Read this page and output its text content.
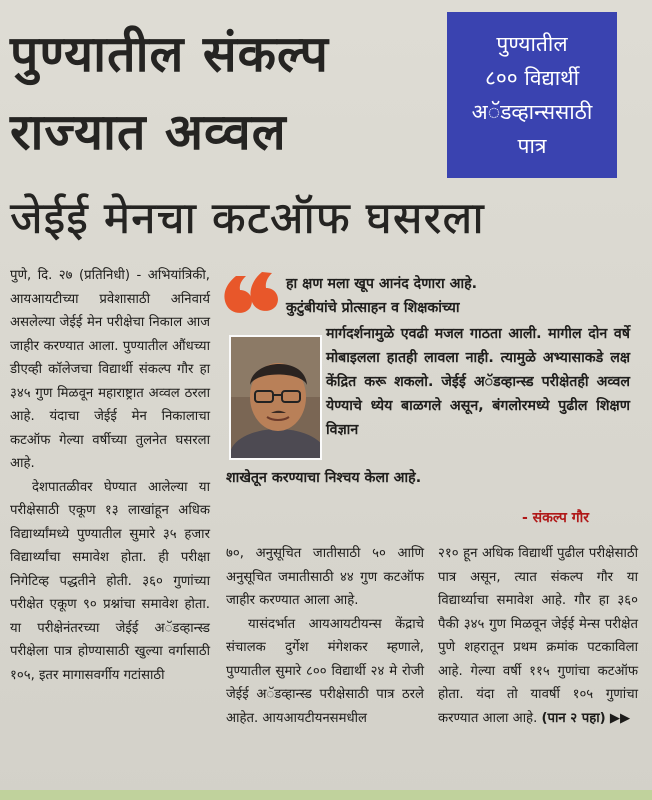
पुण्यातील संकल्प
राज्यात अव्वल
जेईई मेनचा कटऑफ घसरला
पुण्यातील
८०० विद्यार्थी
अॅडव्हान्ससाठी
पात्र

पुणे, दि. २७ (प्रतिनिधी) - अभियांत्रिकी, आयआयटीच्या प्रवेशासाठी अनिवार्य असलेल्या जेईई मेन परीक्षेचा निकाल आज जाहीर करण्यात आला. पुण्यातील औंधच्या डीएव्ही कॉलेजचा विद्यार्थी संकल्प गौर हा ३४५ गुण मिळवून महाराष्ट्रात अव्वल ठरला आहे. यंदाचा जेईई मेन निकालाचा कटऑफ गेल्या वर्षीच्या तुलनेत घसरला आहे.

देशपातळीवर घेण्यात आलेल्या या परीक्षेसाठी एकूण १३ लाखांहून अधिक विद्यार्थ्यांमध्ये पुण्यातील सुमारे ३५ हजार विद्यार्थ्यांचा समावेश होता. ही परीक्षा निगेटिव्ह पद्धतीने होती. ३६० गुणांच्या परीक्षेत एकूण ९० प्रश्नांचा समावेश होता. या परीक्षेनंतरच्या जेईई अॅडव्हान्स्ड परीक्षेला पात्र होण्यासाठी खुल्या वर्गासाठी १०५, इतर मागासवर्गीय गटांसाठी

हा क्षण मला खूप आनंद देणारा आहे.
कुटुंबीयांचे प्रोत्साहन व शिक्षकांच्या
मार्गदर्शनामुळे एवढी मजल गाठता आली. मागील दोन वर्षे मोबाइलला हातही लावला नाही. त्यामुळे अभ्यासाकडे लक्ष केंद्रित करू शकलो. जेईई अॅडव्हान्स्ड परीक्षेतही अव्वल येण्याचे ध्येय बाळगले असून, बंगलोरमध्ये पुढील शिक्षण विज्ञान
शाखेतून करण्याचा निश्चय केला आहे.
- संकल्प गौर

७०, अनुसूचित जातीसाठी ५० आणि अनुसूचित जमातीसाठी ४४ गुण कटऑफ जाहीर करण्यात आला आहे.

यासंदर्भात आयआयटीयन्स केंद्राचे संचालक दुर्गेश मंगेशकर म्हणाले, पुण्यातील सुमारे ८०० विद्यार्थी २४ मे रोजी जेईई अॅडव्हान्स्ड परीक्षेसाठी पात्र ठरले आहेत. आयआयटीयनसमधील

२१० हून अधिक विद्यार्थी पुढील परीक्षेसाठी पात्र असून, त्यात संकल्प गौर या विद्यार्थ्याचा समावेश आहे. गौर हा ३६० पैकी ३४५ गुण मिळवून जेईई मेन्स परीक्षेत पुणे शहरातून प्रथम क्रमांक पटकाविला आहे. गेल्या वर्षी ११५ गुणांचा कटऑफ होता. यंदा तो यावर्षी १०५ गुणांचा करण्यात आला आहे. (पान २ पहा) ▶▶
